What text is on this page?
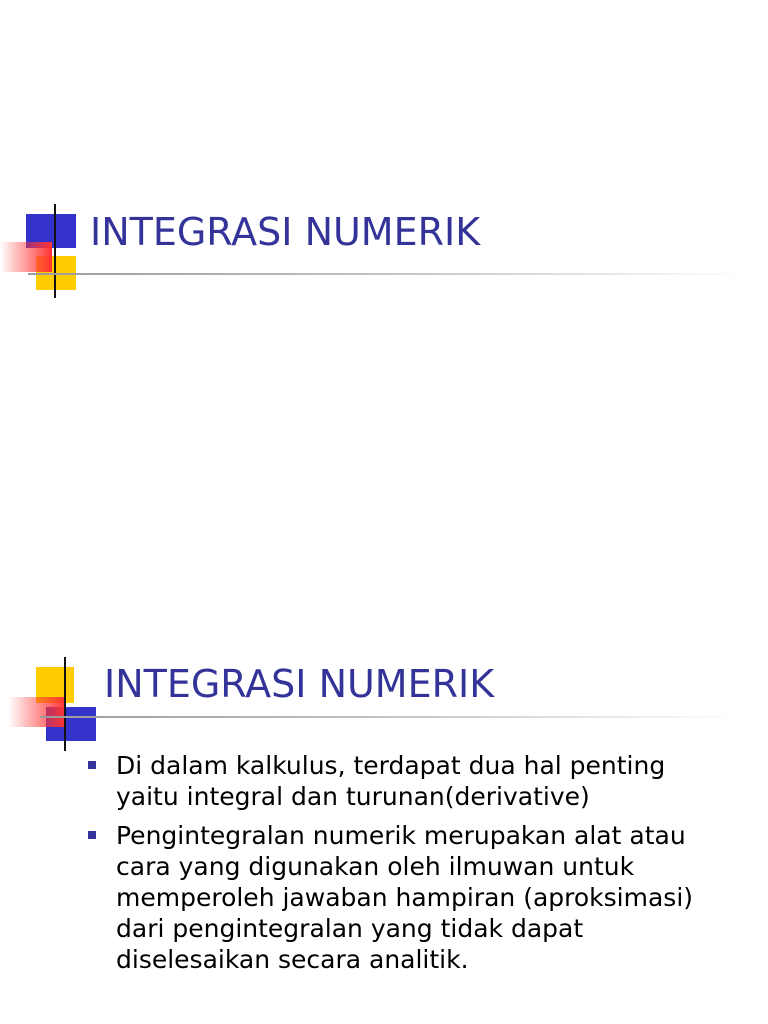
INTEGRASI NUMERIK
INTEGRASI NUMERIK
Di dalam kalkulus, terdapat dua hal penting yaitu integral dan turunan(derivative)
Pengintegralan numerik merupakan alat atau cara yang digunakan oleh ilmuwan untuk memperoleh jawaban hampiran (aproksimasi) dari pengintegralan yang tidak dapat diselesaikan secara analitik.
